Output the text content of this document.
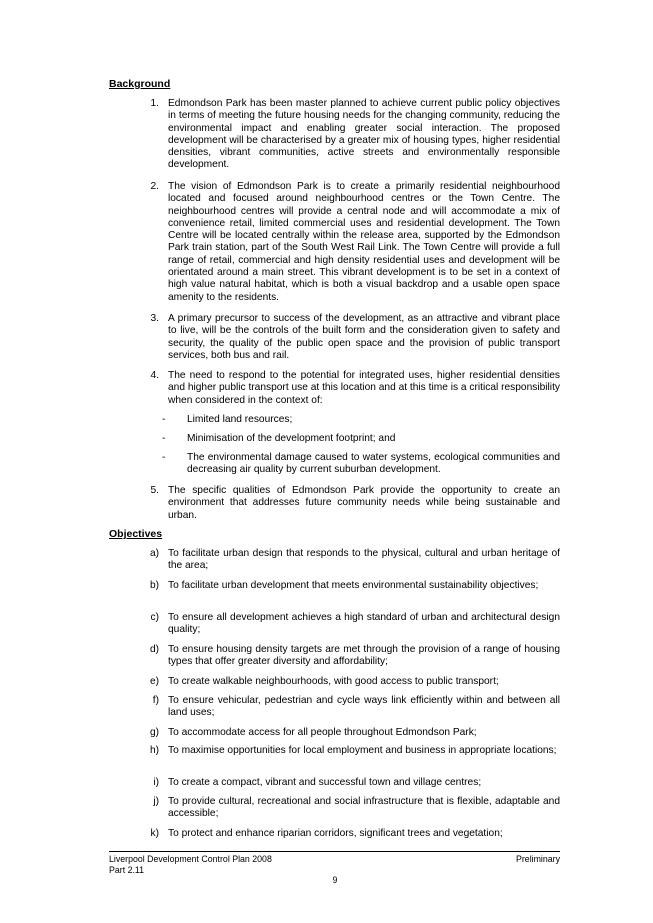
Background
1. Edmondson Park has been master planned to achieve current public policy objectives in terms of meeting the future housing needs for the changing community, reducing the environmental impact and enabling greater social interaction. The proposed development will be characterised by a greater mix of housing types, higher residential densities, vibrant communities, active streets and environmentally responsible development.
2. The vision of Edmondson Park is to create a primarily residential neighbourhood located and focused around neighbourhood centres or the Town Centre. The neighbourhood centres will provide a central node and will accommodate a mix of convenience retail, limited commercial uses and residential development. The Town Centre will be located centrally within the release area, supported by the Edmondson Park train station, part of the South West Rail Link. The Town Centre will provide a full range of retail, commercial and high density residential uses and development will be orientated around a main street. This vibrant development is to be set in a context of high value natural habitat, which is both a visual backdrop and a usable open space amenity to the residents.
3. A primary precursor to success of the development, as an attractive and vibrant place to live, will be the controls of the built form and the consideration given to safety and security, the quality of the public open space and the provision of public transport services, both bus and rail.
4. The need to respond to the potential for integrated uses, higher residential densities and higher public transport use at this location and at this time is a critical responsibility when considered in the context of:
-	Limited land resources;
-	Minimisation of the development footprint; and
-	The environmental damage caused to water systems, ecological communities and decreasing air quality by current suburban development.
5. The specific qualities of Edmondson Park provide the opportunity to create an environment that addresses future community needs while being sustainable and urban.
Objectives
a) To facilitate urban design that responds to the physical, cultural and urban heritage of the area;
b) To facilitate urban development that meets environmental sustainability objectives;
c) To ensure all development achieves a high standard of urban and architectural design quality;
d) To ensure housing density targets are met through the provision of a range of housing types that offer greater diversity and affordability;
e) To create walkable neighbourhoods, with good access to public transport;
f) To ensure vehicular, pedestrian and cycle ways link efficiently within and between all land uses;
g) To accommodate access for all people throughout Edmondson Park;
h) To maximise opportunities for local employment and business in appropriate locations;
i) To create a compact, vibrant and successful town and village centres;
j) To provide cultural, recreational and social infrastructure that is flexible, adaptable and accessible;
k) To protect and enhance riparian corridors, significant trees and vegetation;
Liverpool Development Control Plan 2008
Part 2.11
Preliminary
9
